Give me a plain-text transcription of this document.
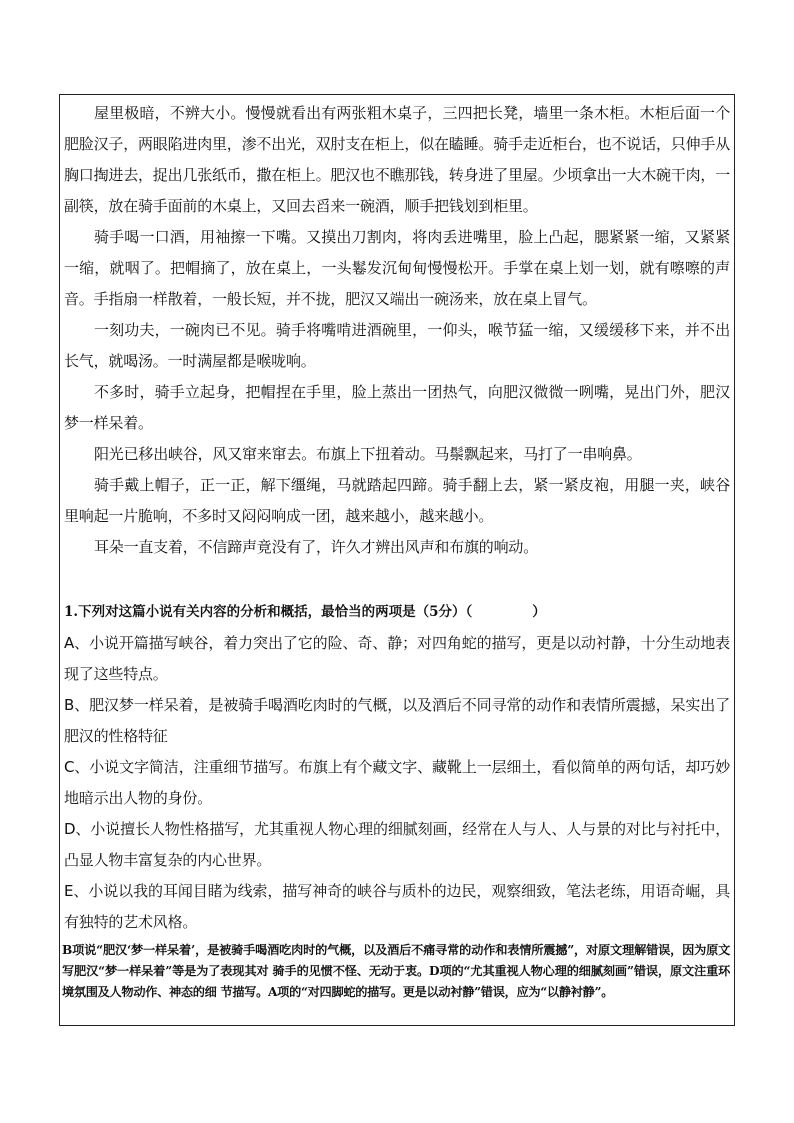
屋里极暗，不辨大小。慢慢就看出有两张粗木桌子，三四把长凳，墙里一条木柜。木柜后面一个肥脸汉子，两眼陷进肉里，渗不出光，双肘支在柜上，似在瞌睡。骑手走近柜台，也不说话，只伸手从胸口掏进去，捉出几张纸币，撒在柜上。肥汉也不瞧那钱，转身进了里屋。少顷拿出一大木碗干肉，一副筷，放在骑手面前的木桌上，又回去舀来一碗酒，顺手把钱划到柜里。

骑手喝一口酒，用袖擦一下嘴。又摸出刀割肉，将肉丢进嘴里，脸上凸起，腮紧紧一缩，又紧紧一缩，就咽了。把帽摘了，放在桌上，一头鬈发沉甸甸慢慢松开。手掌在桌上划一划，就有嚓嚓的声音。手指扇一样散着，一般长短，并不拢，肥汉又端出一碗汤来，放在桌上冒气。

一刻功夫，一碗肉已不见。骑手将嘴啃进酒碗里，一仰头，喉节猛一缩，又缓缓移下来，并不出长气，就喝汤。一时满屋都是喉咙响。

不多时，骑手立起身，把帽捏在手里，脸上蒸出一团热气，向肥汉微微一咧嘴，晃出门外，肥汉梦一样呆着。

阳光已移出峡谷，风又窜来窜去。布旗上下扭着动。马鬃飘起来，马打了一串响鼻。

骑手戴上帽子，正一正，解下缰绳，马就踏起四蹄。骑手翻上去，紧一紧皮袍，用腿一夹，峡谷里响起一片脆响，不多时又闷闷响成一团，越来越小，越来越小。

耳朵一直支着，不信蹄声竟没有了，许久才辨出风声和布旗的响动。

1.下列对这篇小说有关内容的分析和概括，最恰当的两项是（5分）（	）

A、小说开篇描写峡谷，着力突出了它的险、奇、静；对四角蛇的描写，更是以动衬静，十分生动地表现了这些特点。

B、肥汉梦一样呆着，是被骑手喝酒吃肉时的气概，以及酒后不同寻常的动作和表情所震撼，呆实出了肥汉的性格特征

C、小说文字简洁，注重细节描写。布旗上有个藏文字、藏靴上一层细土，看似简单的两句话，却巧妙地暗示出人物的身份。

D、小说擅长人物性格描写，尤其重视人物心理的细腻刻画，经常在人与人、人与景的对比与衬托中，凸显人物丰富复杂的内心世界。

E、小说以我的耳闻目睹为线索，描写神奇的峡谷与质朴的边民，观察细致，笔法老练，用语奇崛，具有独特的艺术风格。

B项说“肥汉‘梦一样呆着’，是被骑手喝酒吃肉时的气概，以及酒后不痛寻常的动作和表情所震撼”，对原文理解错误，因为原文写肥汉“梦一样呆着”等是为了表现其对 骑手的见惯不怪、无动于衷。D项的“尤其重视人物心理的细腻刻画”错误，原文注重环境氛围及人物动作、神态的细 节描写。A项的“对四脚蛇的描写。更是以动衬静”错误，应为“以静衬静”。
